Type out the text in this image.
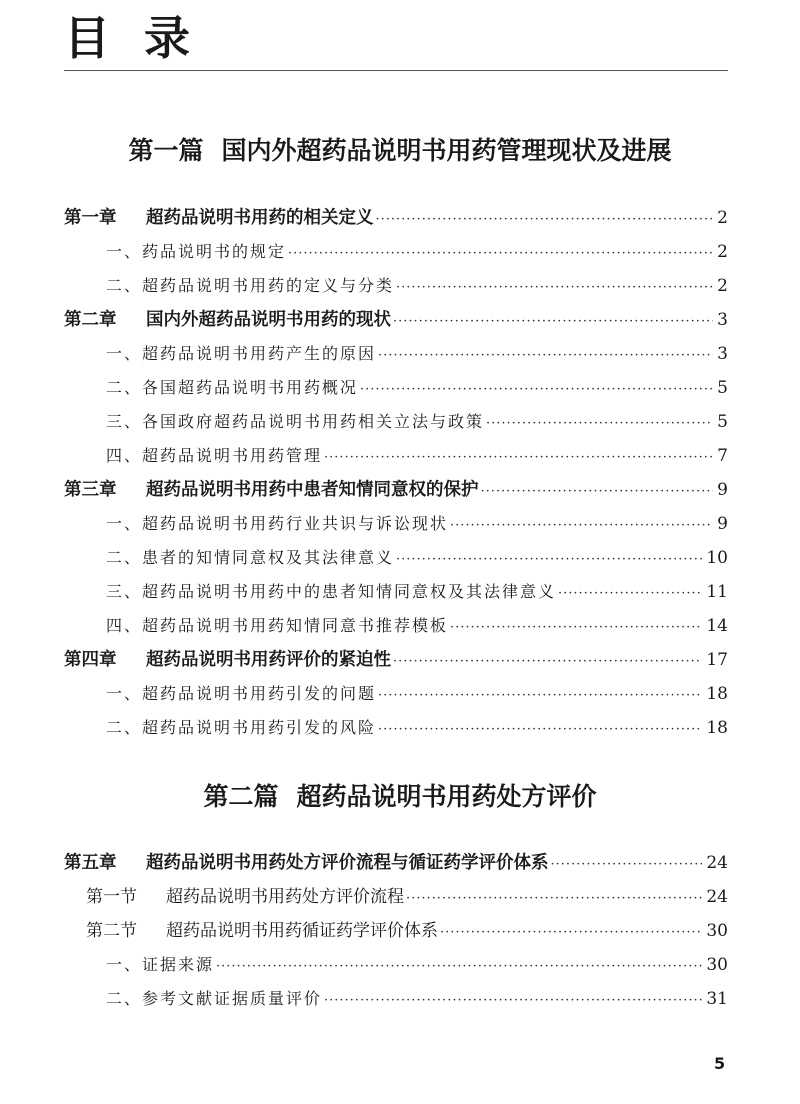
目录
第一篇 国内外超药品说明书用药管理现状及进展
第一章 超药品说明书用药的相关定义 ·····	2
一、药品说明书的规定 ·····	2
二、超药品说明书用药的定义与分类 ·····	2
第二章 国内外超药品说明书用药的现状 ·····	3
一、超药品说明书用药产生的原因 ·····	3
二、各国超药品说明书用药概况 ·····	5
三、各国政府超药品说明书用药相关立法与政策 ·····	5
四、超药品说明书用药管理 ·····	7
第三章 超药品说明书用药中患者知情同意权的保护 ·····	9
一、超药品说明书用药行业共识与诉讼现状 ·····	9
二、患者的知情同意权及其法律意义 ·····	10
三、超药品说明书用药中的患者知情同意权及其法律意义 ·····	11
四、超药品说明书用药知情同意书推荐模板 ·····	14
第四章 超药品说明书用药评价的紧迫性 ·····	17
一、超药品说明书用药引发的问题 ·····	18
二、超药品说明书用药引发的风险 ·····	18
第二篇 超药品说明书用药处方评价
第五章 超药品说明书用药处方评价流程与循证药学评价体系 ·····	24
第一节 超药品说明书用药处方评价流程 ·····	24
第二节 超药品说明书用药循证药学评价体系 ·····	30
一、证据来源 ·····	30
二、参考文献证据质量评价 ·····	31
5
